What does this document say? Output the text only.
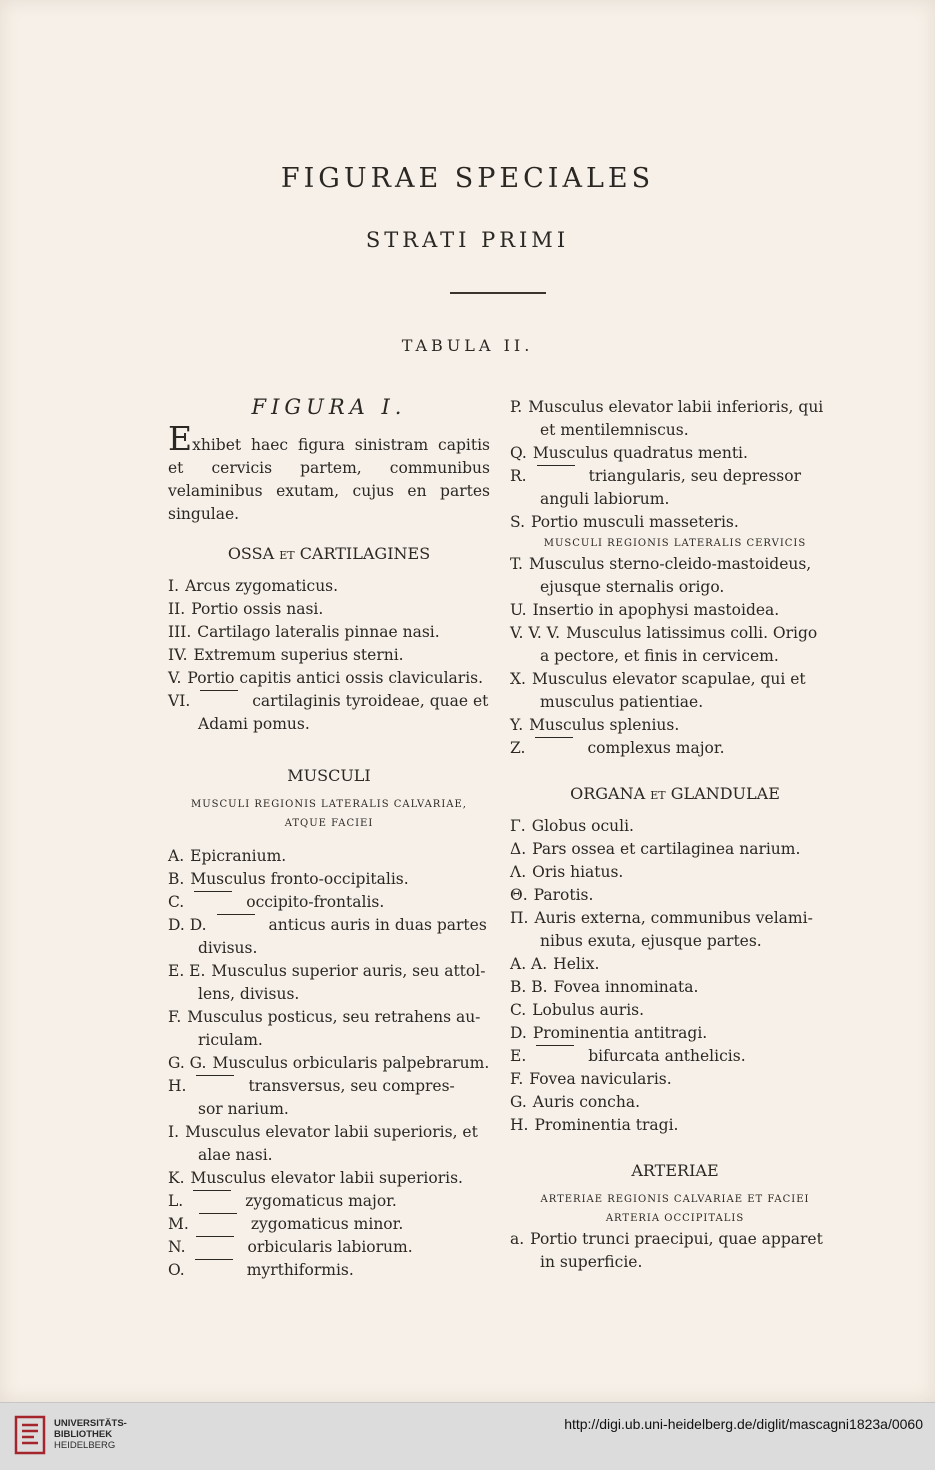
FIGURAE SPECIALES
STRATI PRIMI
TABULA II.
FIGURA I.
Exhibet haec figura sinistram capitis et cervicis partem, communibus velaminibus exutam, cujus en partes singulae.
OSSA ET CARTILAGINES
I. Arcus zygomaticus.
II. Portio ossis nasi.
III. Cartilago lateralis pinnae nasi.
IV. Extremum superius sterni.
V. Portio capitis antici ossis clavicularis.
VI.	cartilaginis tyroideae, quae et
Adami pomus.
MUSCULI
MUSCULI REGIONIS LATERALIS CALVARIAE,
ATQUE FACIEI
A. Epicranium.
B. Musculus fronto-occipitalis.
C.	occipito-frontalis.
D. D.	anticus auris in duas partes
divisus.
E. E. Musculus superior auris, seu attol-
lens, divisus.
F. Musculus posticus, seu retrahens au-
riculam.
G. G. Musculus orbicularis palpebrarum.
H.	transversus, seu compres-
sor narium.
I. Musculus elevator labii superioris, et
alae nasi.
K. Musculus elevator labii superioris.
L.	zygomaticus major.
M.	zygomaticus minor.
N.	orbicularis labiorum.
O.	myrthiformis.
P. Musculus elevator labii inferioris, qui
et mentilemniscus.
Q. Musculus quadratus menti.
R.	triangularis, seu depressor
anguli labiorum.
S. Portio musculi masseteris.
MUSCULI REGIONIS LATERALIS CERVICIS
T. Musculus sterno-cleido-mastoideus,
ejusque sternalis origo.
U. Insertio in apophysi mastoidea.
V. V. V. Musculus latissimus colli. Origo
a pectore, et finis in cervicem.
X. Musculus elevator scapulae, qui et
musculus patientiae.
Y. Musculus splenius.
Z.	complexus major.
ORGANA ET GLANDULAE
Γ. Globus oculi.
Δ. Pars ossea et cartilaginea narium.
Λ. Oris hiatus.
Θ. Parotis.
Π. Auris externa, communibus velami-
nibus exuta, ejusque partes.
A. A. Helix.
B. B. Fovea innominata.
C. Lobulus auris.
D. Prominentia antitragi.
E.	bifurcata anthelicis.
F. Fovea navicularis.
G. Auris concha.
H. Prominentia tragi.
ARTERIAE
ARTERIAE REGIONIS CALVARIAE ET FACIEI
ARTERIA OCCIPITALIS
a. Portio trunci praecipui, quae apparet
in superficie.
UNIVERSITÄTS-
BIBLIOTHEK
HEIDELBERG
http://digi.ub.uni-heidelberg.de/diglit/mascagni1823a/0060
